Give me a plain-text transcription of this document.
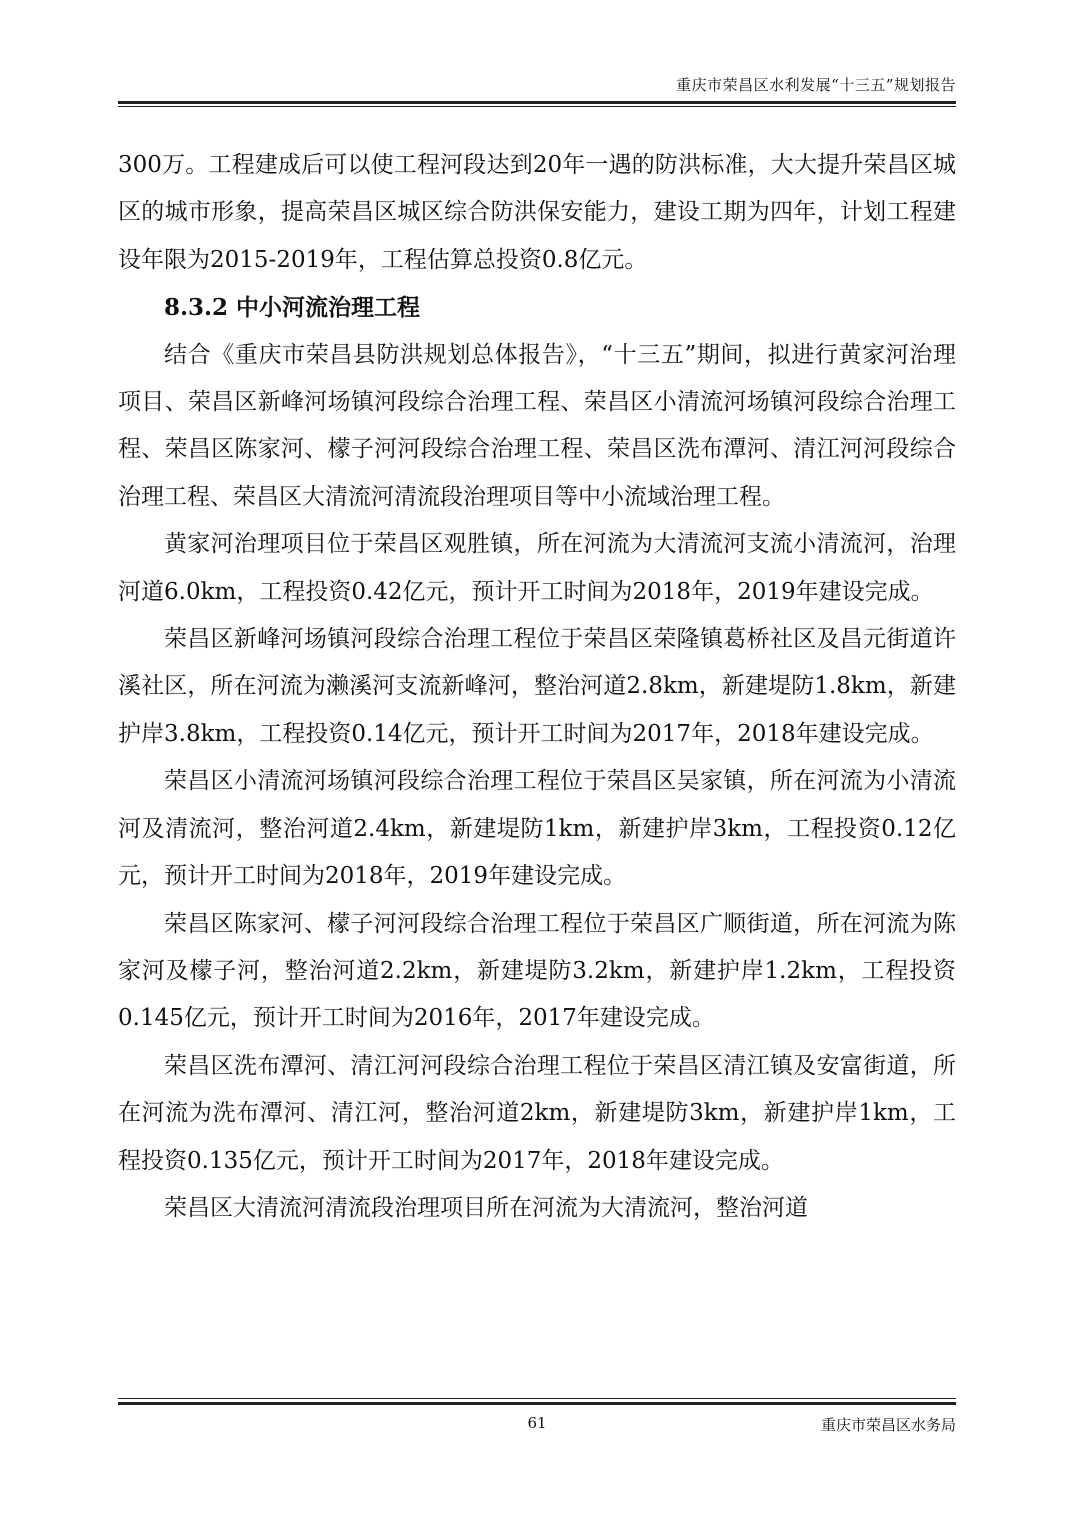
重庆市荣昌区水利发展“十三五”规划报告

300万。工程建成后可以使工程河段达到20年一遇的防洪标准，大大提升荣昌区城区的城市形象，提高荣昌区城区综合防洪保安能力，建设工期为四年，计划工程建设年限为2015-2019年，工程估算总投资0.8亿元。

8.3.2 中小河流治理工程

结合《重庆市荣昌县防洪规划总体报告》，“十三五”期间，拟进行黄家河治理项目、荣昌区新峰河场镇河段综合治理工程、荣昌区小清流河场镇河段综合治理工程、荣昌区陈家河、檬子河河段综合治理工程、荣昌区洗布潭河、清江河河段综合治理工程、荣昌区大清流河清流段治理项目等中小流域治理工程。

黄家河治理项目位于荣昌区观胜镇，所在河流为大清流河支流小清流河，治理河道6.0km，工程投资0.42亿元，预计开工时间为2018年，2019年建设完成。

荣昌区新峰河场镇河段综合治理工程位于荣昌区荣隆镇葛桥社区及昌元街道许溪社区，所在河流为濑溪河支流新峰河，整治河道2.8km，新建堤防1.8km，新建护岸3.8km，工程投资0.14亿元，预计开工时间为2017年，2018年建设完成。

荣昌区小清流河场镇河段综合治理工程位于荣昌区吴家镇，所在河流为小清流河及清流河，整治河道2.4km，新建堤防1km，新建护岸3km，工程投资0.12亿元，预计开工时间为2018年，2019年建设完成。

荣昌区陈家河、檬子河河段综合治理工程位于荣昌区广顺街道，所在河流为陈家河及檬子河，整治河道2.2km，新建堤防3.2km，新建护岸1.2km，工程投资0.145亿元，预计开工时间为2016年，2017年建设完成。

荣昌区洗布潭河、清江河河段综合治理工程位于荣昌区清江镇及安富街道，所在河流为洗布潭河、清江河，整治河道2km，新建堤防3km，新建护岸1km，工程投资0.135亿元，预计开工时间为2017年，2018年建设完成。

荣昌区大清流河清流段治理项目所在河流为大清流河，整治河道

61	重庆市荣昌区水务局
